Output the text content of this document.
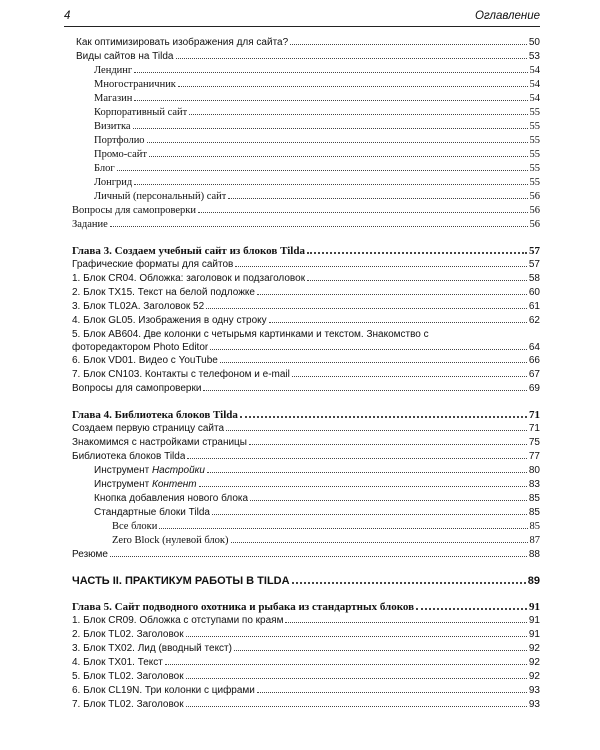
4	Оглавление
Как оптимизировать изображения для сайта?	50
Виды сайтов на Tilda	53
Лендинг	54
Многостраничник	54
Магазин	54
Корпоративный сайт	55
Визитка	55
Портфолио	55
Промо-сайт	55
Блог	55
Лонгрид	55
Личный (персональный) сайт	56
Вопросы для самопроверки	56
Задание	56
Глава 3. Создаем учебный сайт из блоков Tilda	57
Графические форматы для сайтов	57
1. Блок CR04. Обложка: заголовок и подзаголовок	58
2. Блок TX15. Текст на белой подложке	60
3. Блок TL02A. Заголовок 52	61
4. Блок GL05. Изображения в одну строку	62
5. Блок AB604. Две колонки с четырьмя картинками и текстом. Знакомство с
фоторедактором Photo Editor	64
6. Блок VD01. Видео с YouTube	66
7. Блок CN103. Контакты с телефоном и e-mail	67
Вопросы для самопроверки	69
Глава 4. Библиотека блоков Tilda	71
Создаем первую страницу сайта	71
Знакомимся с настройками страницы	75
Библиотека блоков Tilda	77
Инструмент Настройки	80
Инструмент Контент	83
Кнопка добавления нового блока	85
Стандартные блоки Tilda	85
Все блоки	85
Zero Block (нулевой блок)	87
Резюме	88
ЧАСТЬ II. ПРАКТИКУМ РАБОТЫ В TILDA	89
Глава 5. Сайт подводного охотника и рыбака из стандартных блоков	91
1. Блок CR09. Обложка с отступами по краям	91
2. Блок TL02. Заголовок	91
3. Блок TX02. Лид (вводный текст)	92
4. Блок TX01. Текст	92
5. Блок TL02. Заголовок	92
6. Блок CL19N. Три колонки с цифрами	93
7. Блок TL02. Заголовок	93
